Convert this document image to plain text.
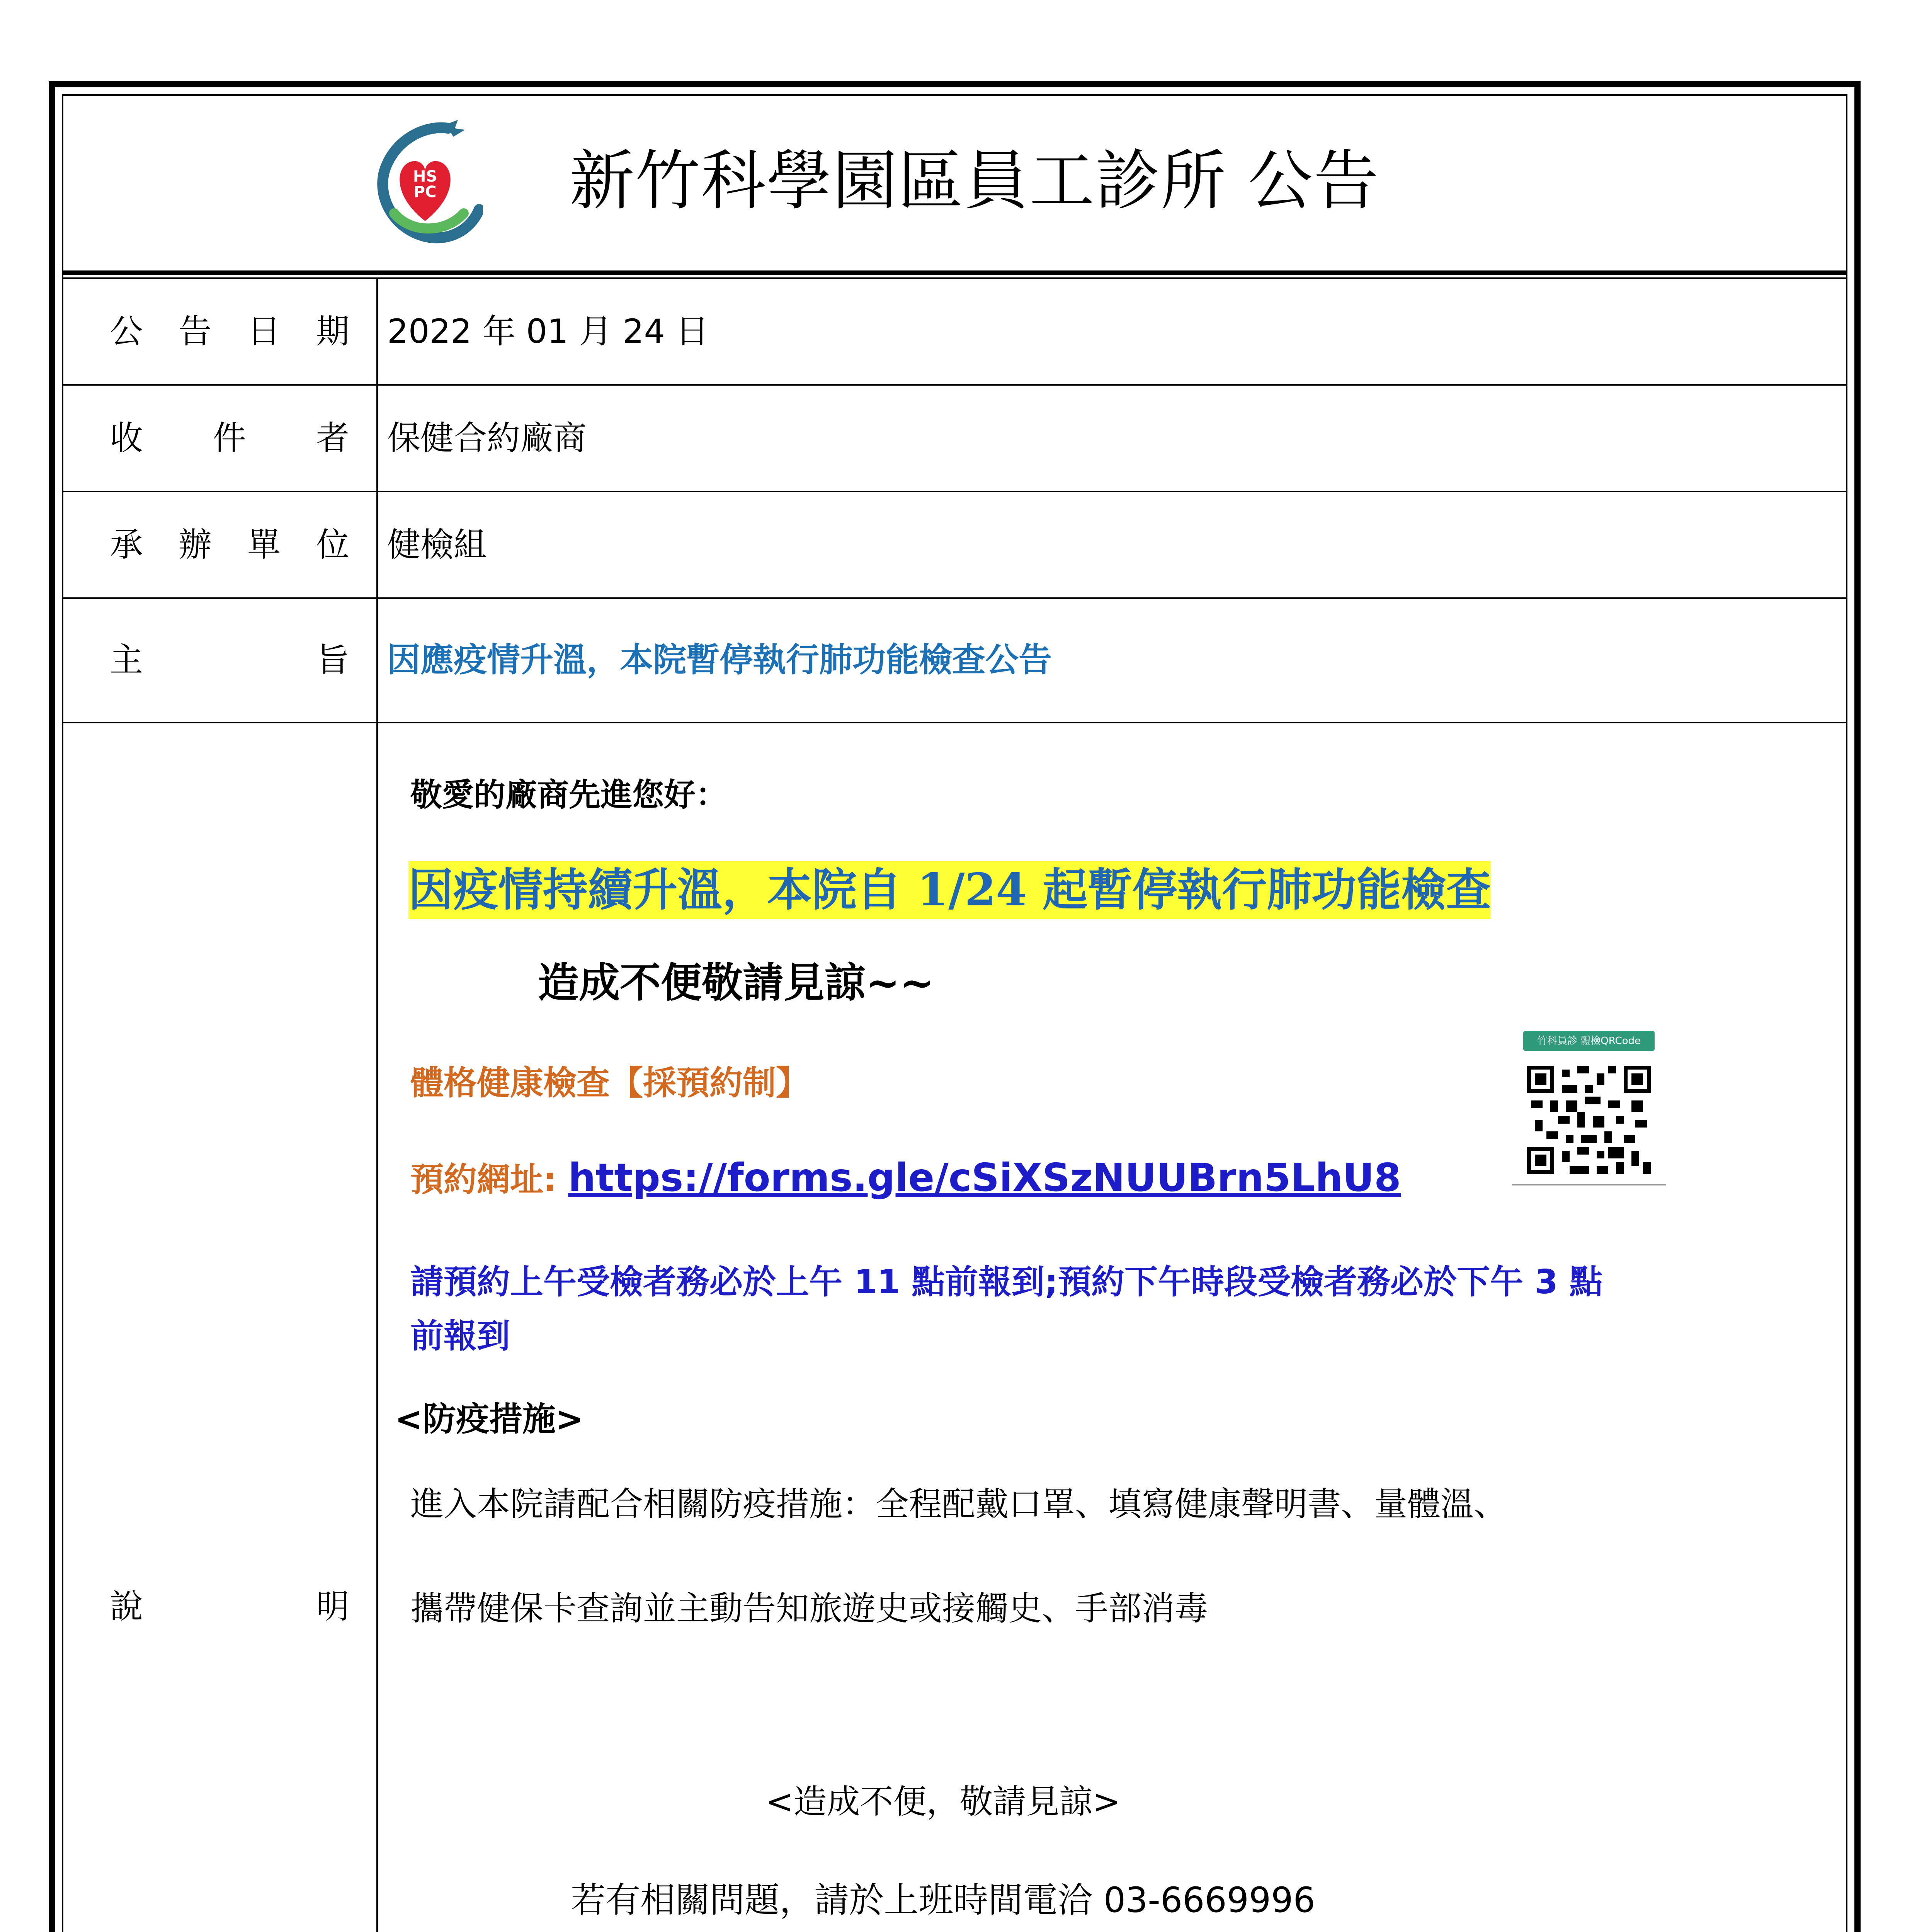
HS
PC 新竹科學園區員工診所 公告
公 告 日 期 2022 年 01 月 24 日
收 件 者 保健合約廠商
承 辦 單 位 健檢組
主	旨 因應疫情升溫，本院暫停執行肺功能檢查公告
說	明
敬愛的廠商先進您好：
因疫情持續升溫，本院自 1/24 起暫停執行肺功能檢查
造成不便敬請見諒~~
體格健康檢查【採預約制】
預約網址: https://forms.gle/cSiXSzNUUBrn5LhU8
竹科員診 體檢QRCode
請預約上午受檢者務必於上午 11 點前報到;預約下午時段受檢者務必於下午 3 點
前報到
<防疫措施>
進入本院請配合相關防疫措施：全程配戴口罩、填寫健康聲明書、量體溫、
攜帶健保卡查詢並主動告知旅遊史或接觸史、手部消毒
<造成不便，敬請見諒>
若有相關問題，請於上班時間電洽 03-6669996
